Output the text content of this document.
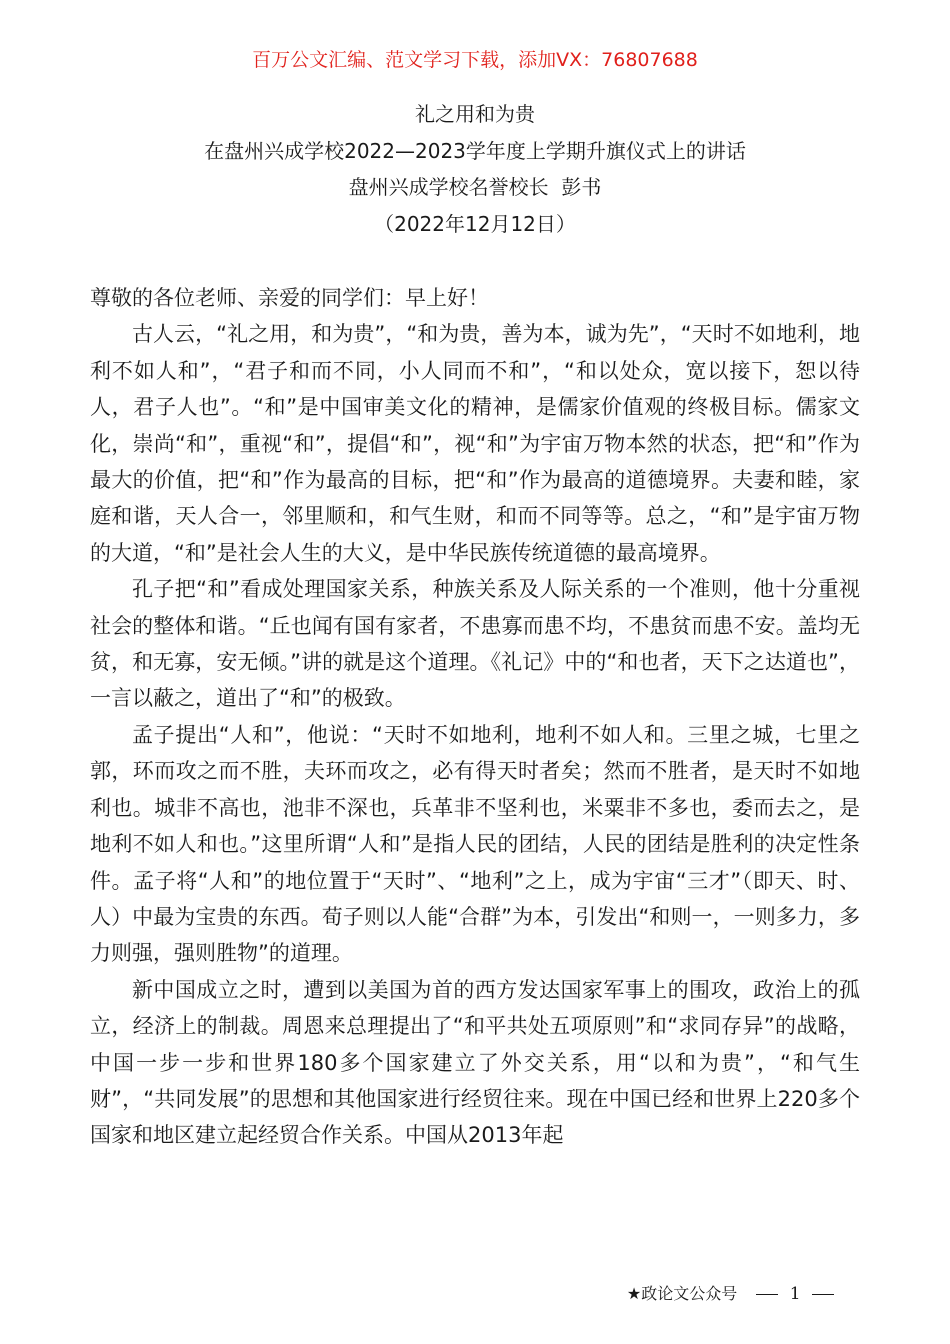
百万公文汇编、范文学习下载，添加VX：76807688
礼之用和为贵
在盘州兴成学校2022—2023学年度上学期升旗仪式上的讲话
盘州兴成学校名誉校长  彭书
（2022年12月12日）

尊敬的各位老师、亲爱的同学们：早上好！

古人云，“礼之用，和为贵”，“和为贵，善为本，诚为先”，“天时不如地利，地利不如人和”，“君子和而不同，小人同而不和”，“和以处众，宽以接下，恕以待人，君子人也”。“和”是中国审美文化的精神，是儒家价值观的终极目标。儒家文化，崇尚“和”，重视“和”，提倡“和”，视“和”为宇宙万物本然的状态，把“和”作为最大的价值，把“和”作为最高的目标，把“和”作为最高的道德境界。夫妻和睦，家庭和谐，天人合一，邻里顺和，和气生财，和而不同等等。总之，“和”是宇宙万物的大道，“和”是社会人生的大义，是中华民族传统道德的最高境界。

孔子把“和”看成处理国家关系，种族关系及人际关系的一个准则，他十分重视社会的整体和谐。“丘也闻有国有家者，不患寡而患不均，不患贫而患不安。盖均无贫，和无寡，安无倾。”讲的就是这个道理。《礼记》中的“和也者，天下之达道也”，一言以蔽之，道出了“和”的极致。

孟子提出“人和”，他说：“天时不如地利，地利不如人和。三里之城，七里之郭，环而攻之而不胜，夫环而攻之，必有得天时者矣；然而不胜者，是天时不如地利也。城非不高也，池非不深也，兵革非不坚利也，米粟非不多也，委而去之，是地利不如人和也。”这里所谓“人和”是指人民的团结，人民的团结是胜利的决定性条件。孟子将“人和”的地位置于“天时”、“地利”之上，成为宇宙“三才”（即天、时、人）中最为宝贵的东西。荀子则以人能“合群”为本，引发出“和则一，一则多力，多力则强，强则胜物”的道理。

新中国成立之时，遭到以美国为首的西方发达国家军事上的围攻，政治上的孤立，经济上的制裁。周恩来总理提出了“和平共处五项原则”和“求同存异”的战略，中国一步一步和世界180多个国家建立了外交关系，用“以和为贵”，“和气生财”，“共同发展”的思想和其他国家进行经贸往来。现在中国已经和世界上220多个国家和地区建立起经贸合作关系。中国从2013年起

★政论文公众号	1
